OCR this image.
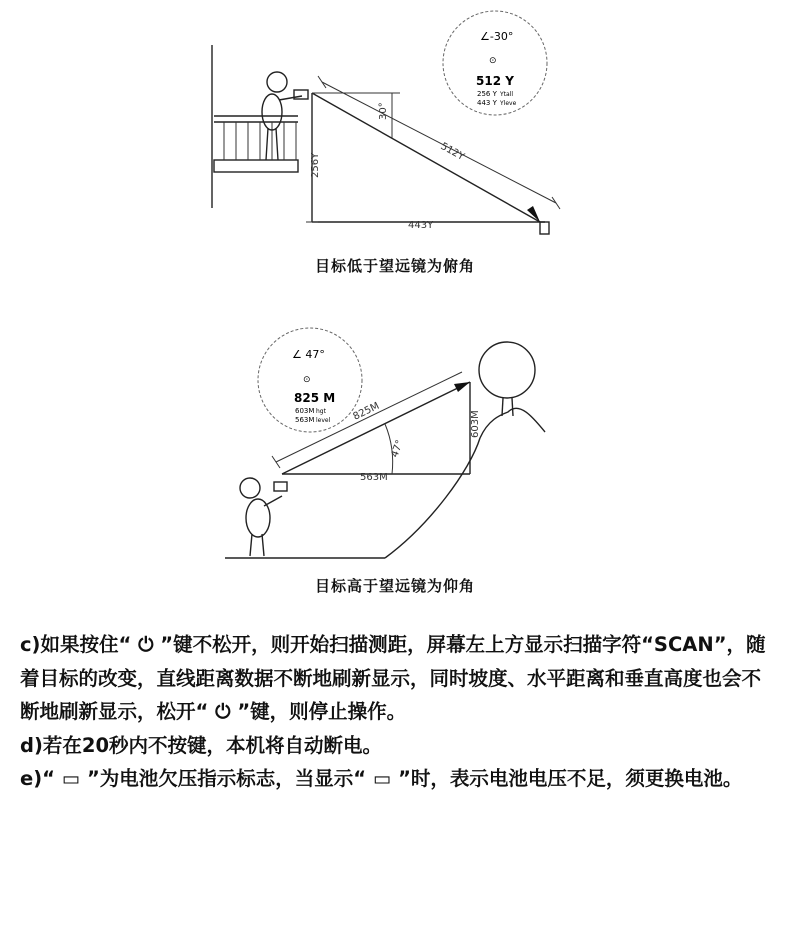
512Y
30°
256Y
443Y
∠-30°
⊙
512 Y
256 Y Ytall
443 Y Yleve
目标低于望远镜为俯角
825M
47°
603M
563M
∠ 47°
⊙
825 M
603M hgt
563M level
目标高于望远镜为仰角

c)如果按住“ ⏻ ”键不松开，则开始扫描测距，屏幕左上方显示扫描字符“SCAN”，随着目标的改变，直线距离数据不断地刷新显示，同时坡度、水平距离和垂直高度也会不断地刷新显示，松开“ ⏻ ”键，则停止操作。

d)若在20秒内不按键，本机将自动断电。

e)“ ▭ ”为电池欠压指示标志，当显示“ ▭ ”时，表示电池电压不足，须更换电池。
